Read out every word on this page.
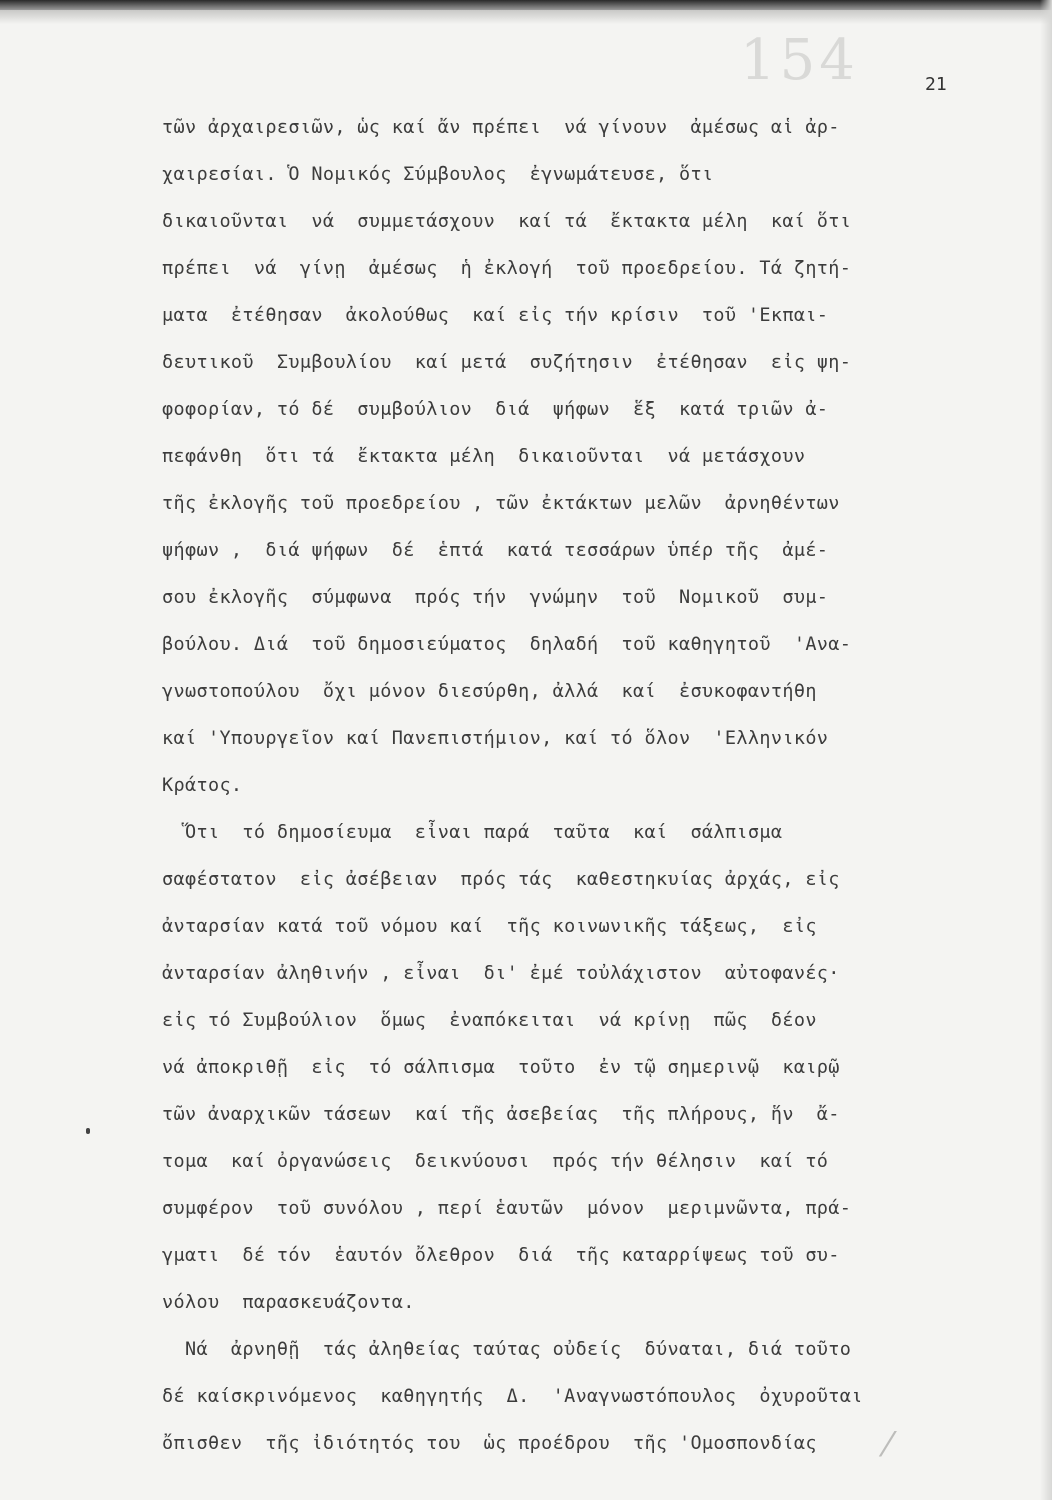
154	21
τῶν ἀρχαιρεσιῶν, ὡς καί ἄν πρέπει  νά γίνουν  ἀμέσως αἱ ἀρ-
χαιρεσίαι. Ὁ Νομικός Σύμβουλος  ἐγνωμάτευσε, ὅτι
δικαιοῦνται  νά  συμμετάσχουν  καί τά  ἔκτακτα μέλη  καί ὅτι
πρέπει  νά  γίνῃ  ἀμέσως  ἡ ἐκλογή  τοῦ προεδρείου. Τά ζητή-
ματα  ἐτέθησαν  ἀκολούθως  καί εἰς τήν κρίσιν  τοῦ 'Εκπαι-
δευτικοῦ  Συμβουλίου  καί μετά  συζήτησιν  ἐτέθησαν  εἰς ψη-
φοφορίαν, τό δέ  συμβούλιον  διά  ψήφων  ἕξ  κατά τριῶν ἀ-
πεφάνθη  ὅτι τά  ἔκτακτα μέλη  δικαιοῦνται  νά μετάσχουν
τῆς ἐκλογῆς τοῦ προεδρείου , τῶν ἐκτάκτων μελῶν  ἀρνηθέντων
ψήφων ,  διά ψήφων  δέ  ἑπτά  κατά τεσσάρων ὑπέρ τῆς  ἀμέ-
σου ἐκλογῆς  σύμφωνα  πρός τήν  γνώμην  τοῦ  Νομικοῦ  συμ-
βούλου. Διά  τοῦ δημοσιεύματος  δηλαδή  τοῦ καθηγητοῦ  'Ανα-
γνωστοπούλου  ὄχι μόνον διεσύρθη, ἀλλά  καί  ἐσυκοφαντήθη
καί 'Υπουργεῖον καί Πανεπιστήμιον, καί τό ὅλον  'Ελληνικόν
Κράτος.
Ὅτι  τό δημοσίευμα  εἶναι παρά  ταῦτα  καί  σάλπισμα
σαφέστατον  εἰς ἀσέβειαν  πρός τάς  καθεστηκυίας ἀρχάς, εἰς
ἀνταρσίαν κατά τοῦ νόμου καί  τῆς κοινωνικῆς τάξεως,  εἰς
ἀνταρσίαν ἀληθινήν , εἶναι  δι' ἐμέ τοὐλάχιστον  αὐτοφανές·
εἰς τό Συμβούλιον  ὅμως  ἐναπόκειται  νά κρίνῃ  πῶς  δέον
νά ἀποκριθῇ  εἰς  τό σάλπισμα  τοῦτο  ἐν τῷ σημερινῷ  καιρῷ
τῶν ἀναρχικῶν τάσεων  καί τῆς ἀσεβείας  τῆς πλήρους, ἥν  ἄ-
τομα  καί ὀργανώσεις  δεικνύουσι  πρός τήν θέλησιν  καί τό
συμφέρον  τοῦ συνόλου , περί ἑαυτῶν  μόνον  μεριμνῶντα, πρά-
γματι  δέ τόν  ἑαυτόν ὄλεθρον  διά  τῆς καταρρίψεως τοῦ συ-
νόλου  παρασκευάζοντα.
Νά  ἀρνηθῇ  τάς ἀληθείας ταύτας οὐδείς  δύναται, διά τοῦτο
δέ καίσκρινόμενος  καθηγητής  Δ.  'Αναγνωστόπουλος  ὀχυροῦται
ὄπισθεν  τῆς ἰδιότητός του  ὡς προέδρου  τῆς 'Ομοσπονδίας ⁄
